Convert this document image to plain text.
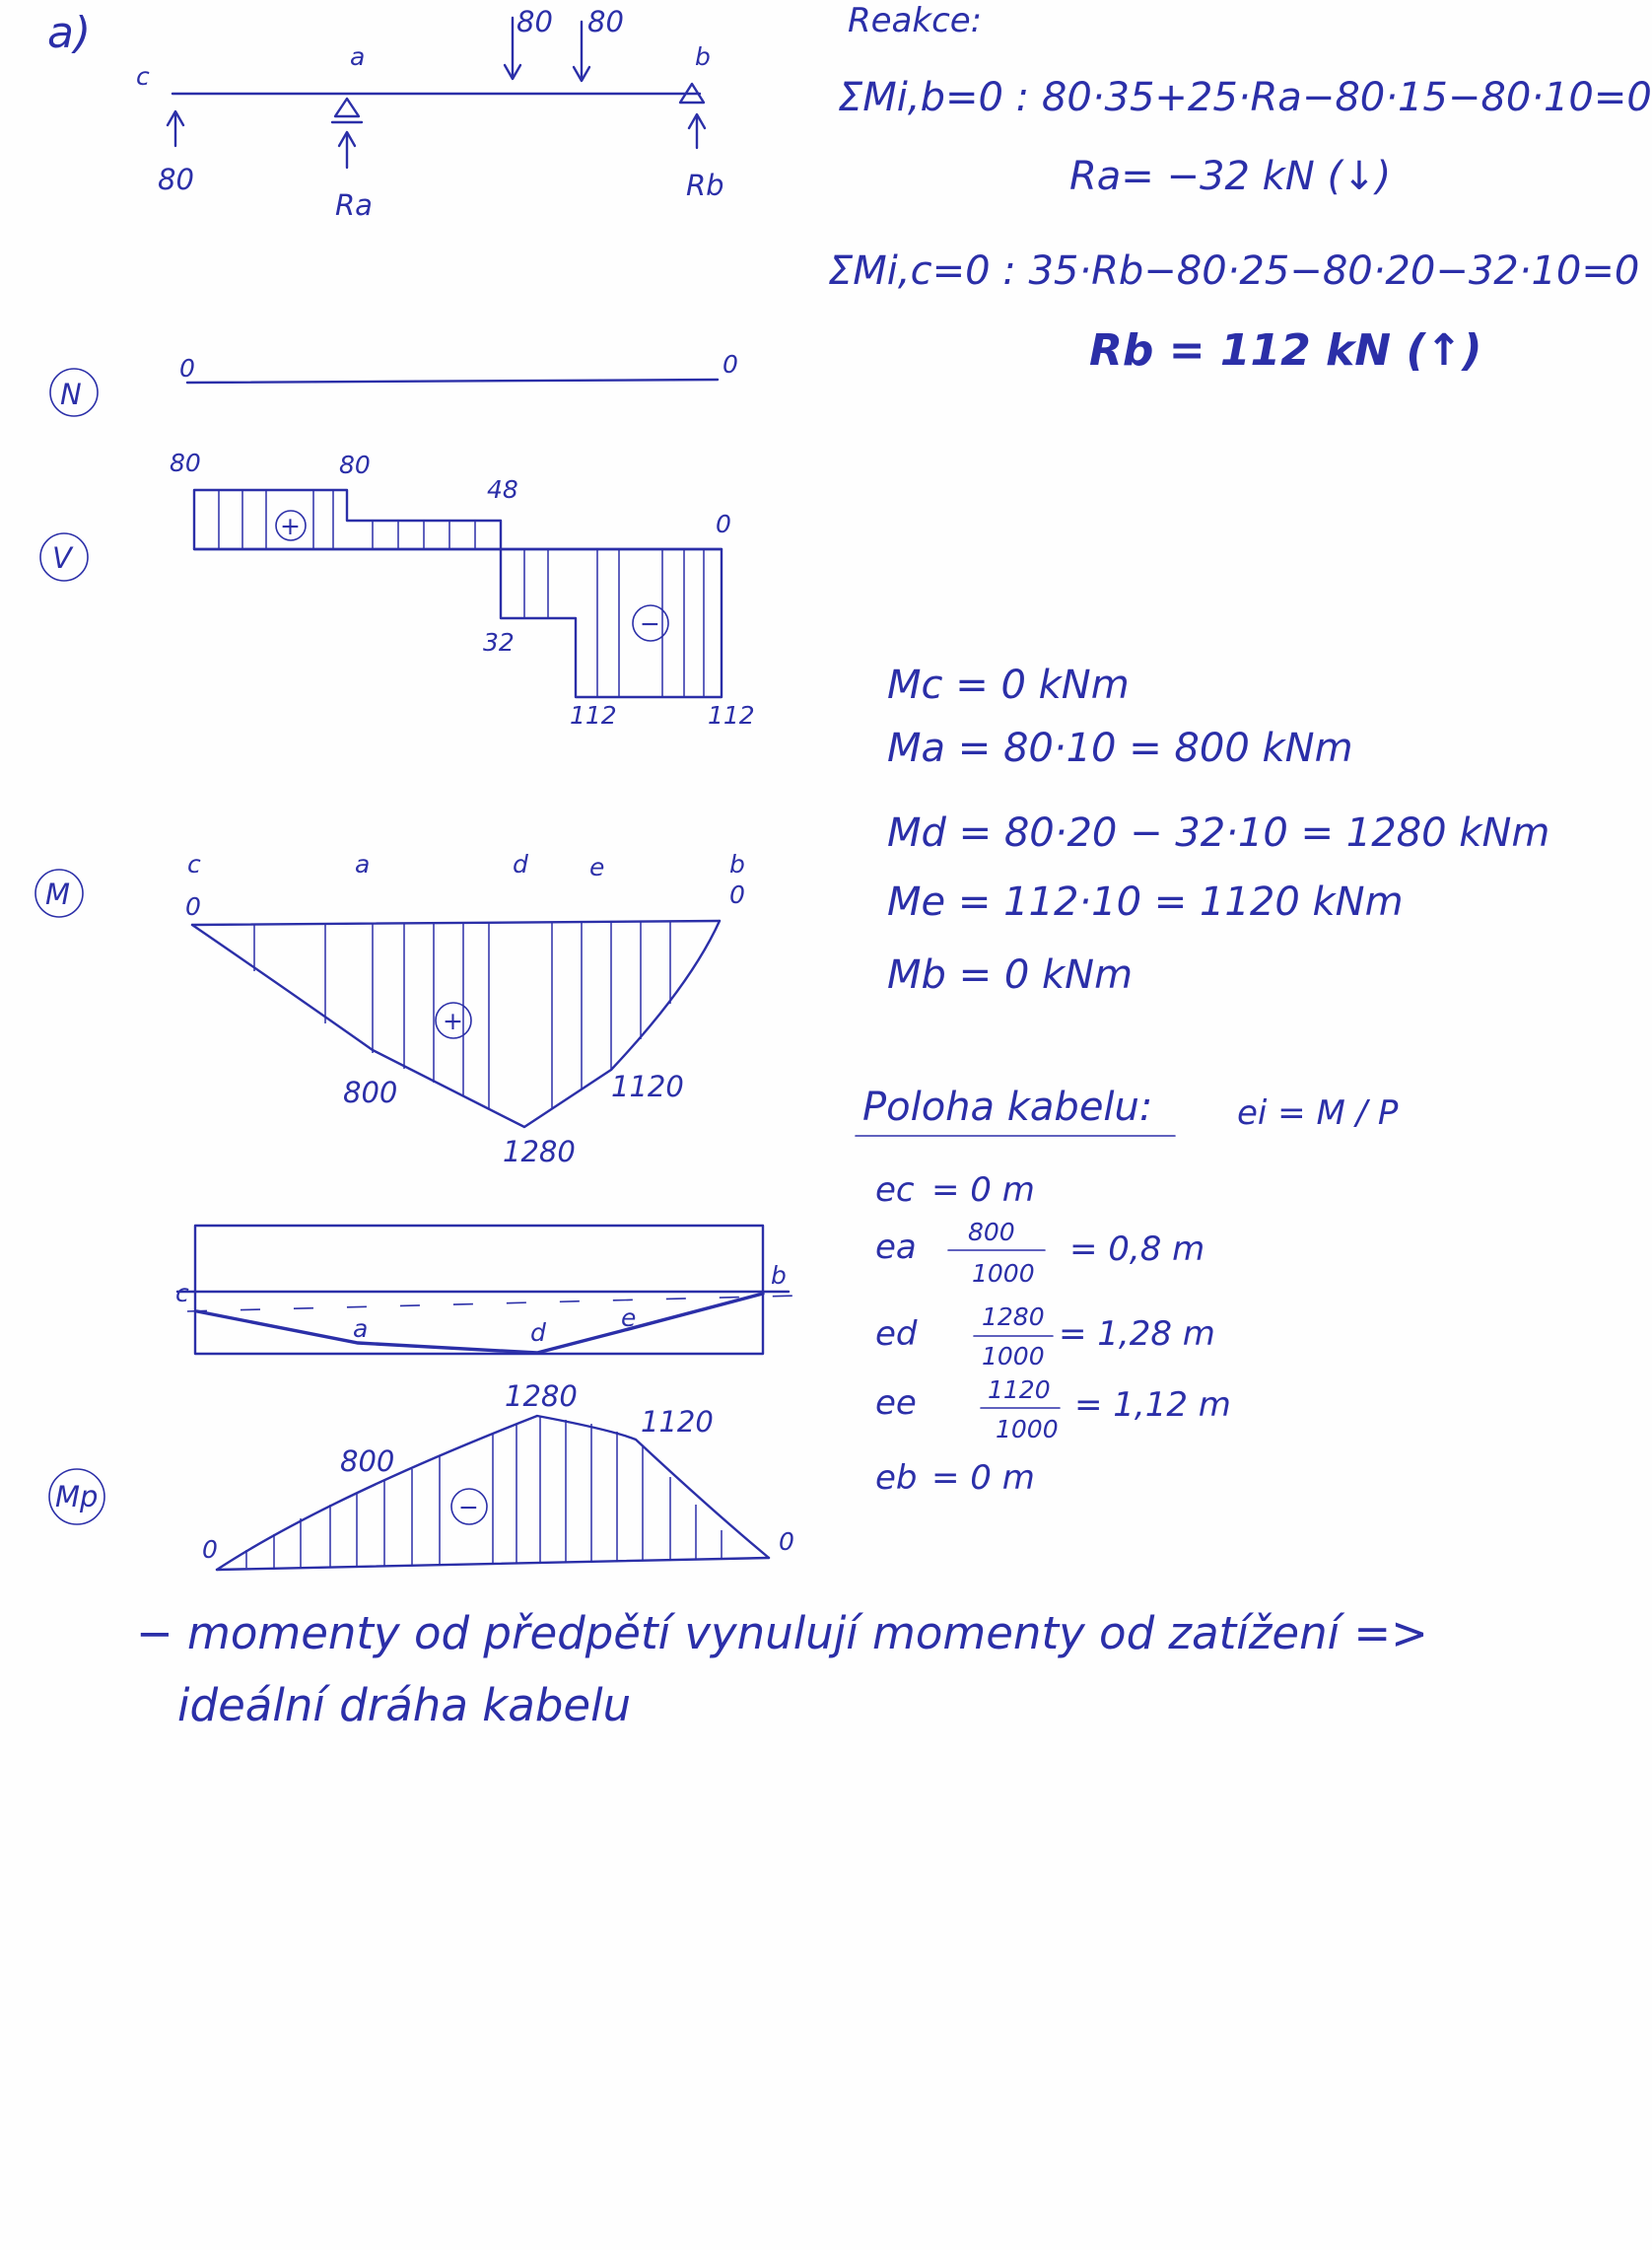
a)
c
a	b
80 80
80
Ra
Rb
Reakce:
ΣMi,b=0 : 80·35+25·Ra−80·15−80·10=0
Ra= −32 kN (↓)
ΣMi,c=0 : 35·Rb−80·25−80·20−32·10=0
Rb = 112 kN (↑)
N
0	0
V
+
−
80	80
48
32
112	112
0
Mc = 0 kNm
Ma = 80·10 = 800 kNm
Md = 80·20 − 32·10 = 1280 kNm
Me = 112·10 = 1120 kNm
Mb = 0 kNm
M
+
c	a	d e	b
0	0
800
1280
1120	Poloha kabelu:	ei = M / P
ec = 0 m
ea 800
1000
= 0,8 m
ed	1280
1000
= 1,28 m
ee	1120
1000
= 1,12 m
eb = 0 m
c
a	d
e
b
Mp	−
800
1280
1120
0	0
− momenty od předpětí vynulují momenty od zatížení =>
ideální dráha kabelu
